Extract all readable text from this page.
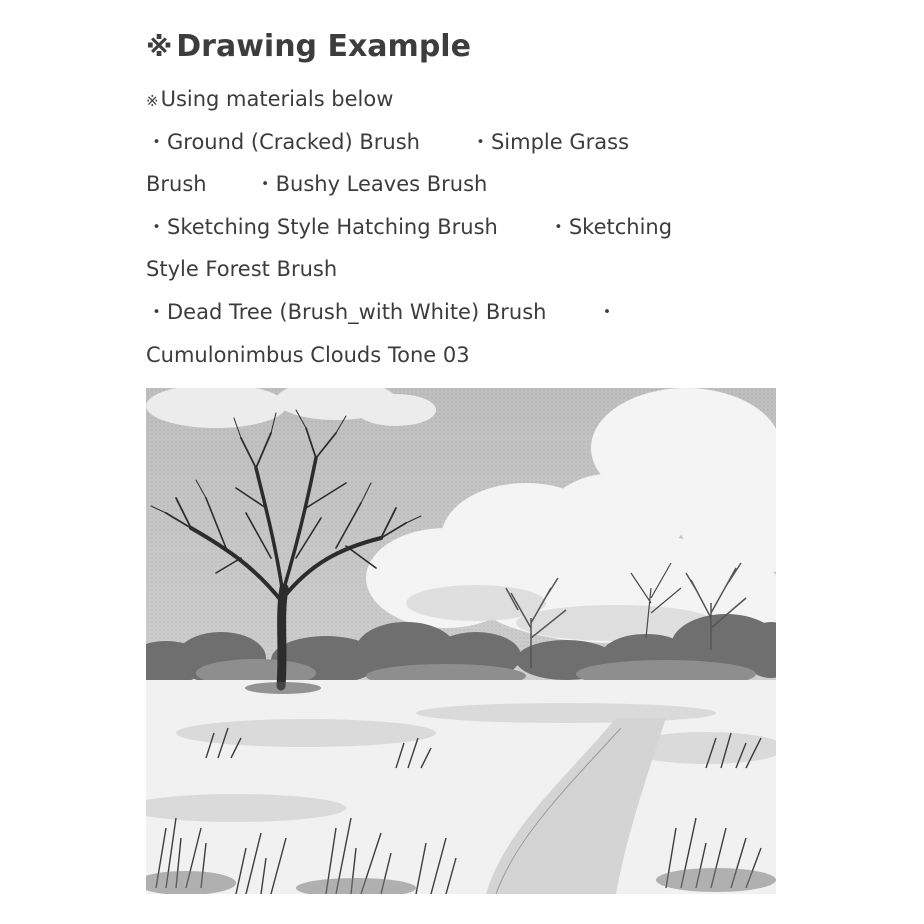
※ Drawing Example
※Using materials below
・Ground (Cracked) Brush ・Simple Grass
Brush ・Bushy Leaves Brush
・Sketching Style Hatching Brush ・Sketching
Style Forest Brush
・Dead Tree (Brush_with White) Brush ・
Cumulonimbus Clouds Tone 03
